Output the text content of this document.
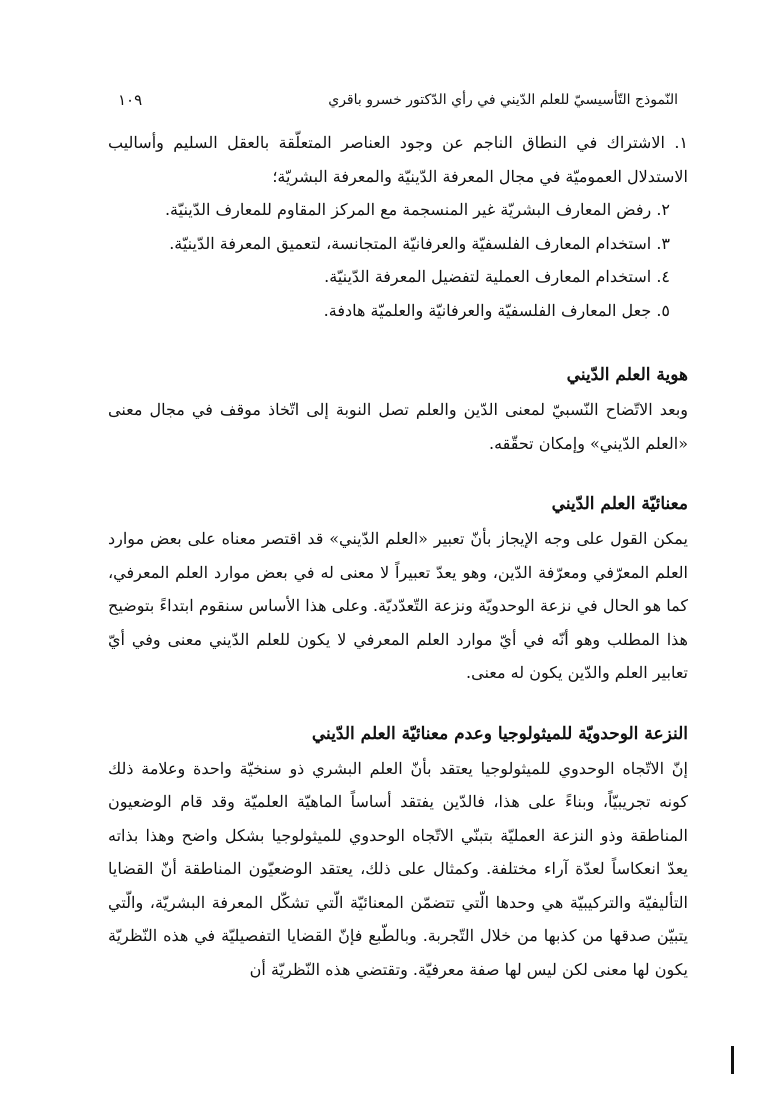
النّموذج التّأسيسيّ للعلم الدّيني في رأي الدّكتور خسرو باقري
١٠٩
١. الاشتراك في النطاق الناجم عن وجود العناصر المتعلّقة بالعقل السليم وأساليب الاستدلال العموميّة في مجال المعرفة الدّينيّة والمعرفة البشريّة؛
٢. رفض المعارف البشريّة غير المنسجمة مع المركز المقاوم للمعارف الدّينيّة.
٣. استخدام المعارف الفلسفيّة والعرفانيّة المتجانسة، لتعميق المعرفة الدّينيّة.
٤. استخدام المعارف العملية لتفضيل المعرفة الدّينيّة.
٥. جعل المعارف الفلسفيّة والعرفانيّة والعلميّة هادفة.
هوية العلم الدّيني

وبعد الاتّضاح النّسبيّ لمعنى الدّين والعلم تصل النوبة إلى اتّخاذ موقف في مجال معنى «العلم الدّيني» وإمكان تحقّقه.

معنائيّة العلم الدّيني

يمكن القول على وجه الإيجاز بأنّ تعبير «العلم الدّيني» قد اقتصر معناه على بعض موارد العلم المعرّفي ومعرّفة الدّين، وهو يعدّ تعبيراً لا معنى له في بعض موارد العلم المعرفي، كما هو الحال في نزعة الوحدويّة ونزعة التّعدّديّة. وعلى هذا الأساس سنقوم ابتداءً بتوضيح هذا المطلب وهو أنّه في أيّ موارد العلم المعرفي لا يكون للعلم الدّيني معنى وفي أيّ تعابير العلم والدّين يكون له معنى.

النزعة الوحدويّة للميثولوجيا وعدم معنائيّة العلم الدّيني

إنّ الاتّجاه الوحدوي للميثولوجيا يعتقد بأنّ العلم البشري ذو سنخيّة واحدة وعلامة ذلك كونه تجريبيّاً، وبناءً على هذا، فالدّين يفتقد أساساً الماهيّة العلميّة وقد قام الوضعيون المناطقة وذو النزعة العمليّة بتبنّي الاتّجاه الوحدوي للميثولوجيا بشكل واضح وهذا بذاته يعدّ انعكاساً لعدّة آراء مختلفة. وكمثال على ذلك، يعتقد الوضعيّون المناطقة أنّ القضايا التأليفيّة والتركيبيّة هي وحدها الّتي تتضمّن المعنائيّة الّتي تشكّل المعرفة البشريّة، والّتي يتبيّن صدقها من كذبها من خلال التّجربة. وبالطّبع فإنّ القضايا التفصيليّة في هذه النّظريّة يكون لها معنى لكن ليس لها صفة معرفيّة. وتقتضي هذه النّظريّة أن
